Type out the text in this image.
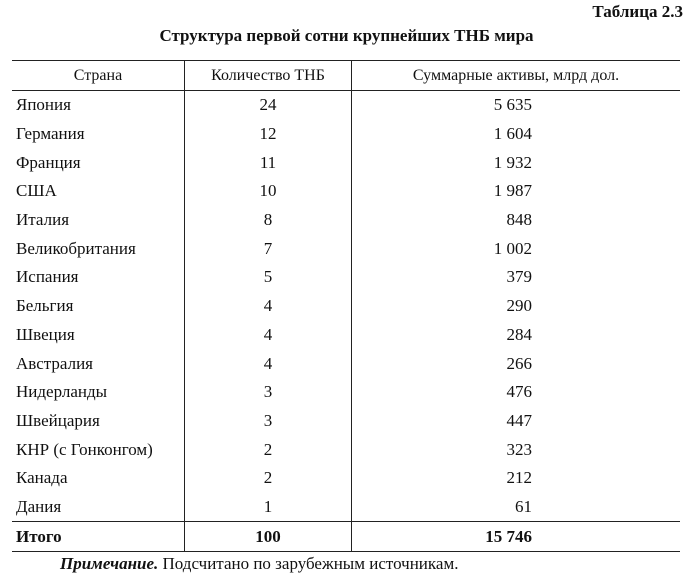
Таблица 2.3
Структура первой сотни крупнейших ТНБ мира
Страна	Количество ТНБ	Суммарные активы, млрд дол.
Япония	24	5 635
Германия	12	1 604
Франция	11	1 932
США	10	1 987
Италия	8	848
Великобритания	7	1 002
Испания	5	379
Бельгия	4	290
Швеция	4	284
Австралия	4	266
Нидерланды	3	476
Швейцария	3	447
КНР (с Гонконгом)	2	323
Канада	2	212
Дания	1	61
Итого	100	15 746
Примечание. Подсчитано по зарубежным источникам.
